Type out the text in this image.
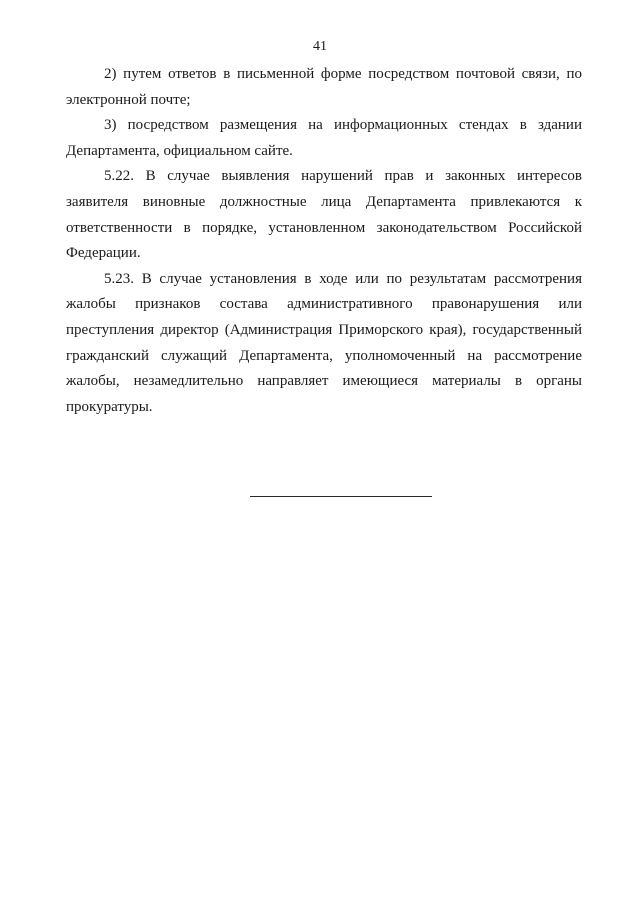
41

2) путем ответов в письменной форме посредством почтовой связи, по электронной почте;

3) посредством размещения на информационных стендах в здании Департамента, официальном сайте.

5.22. В случае выявления нарушений прав и законных интересов заявителя виновные должностные лица Департамента привлекаются к ответственности в порядке, установленном законодательством Российской Федерации.

5.23. В случае установления в ходе или по результатам рассмотрения жалобы признаков состава административного правонарушения или преступления директор (Администрация Приморского края), государственный гражданский служащий Департамента, уполномоченный на рассмотрение жалобы, незамедлительно направляет имеющиеся материалы в органы прокуратуры.
